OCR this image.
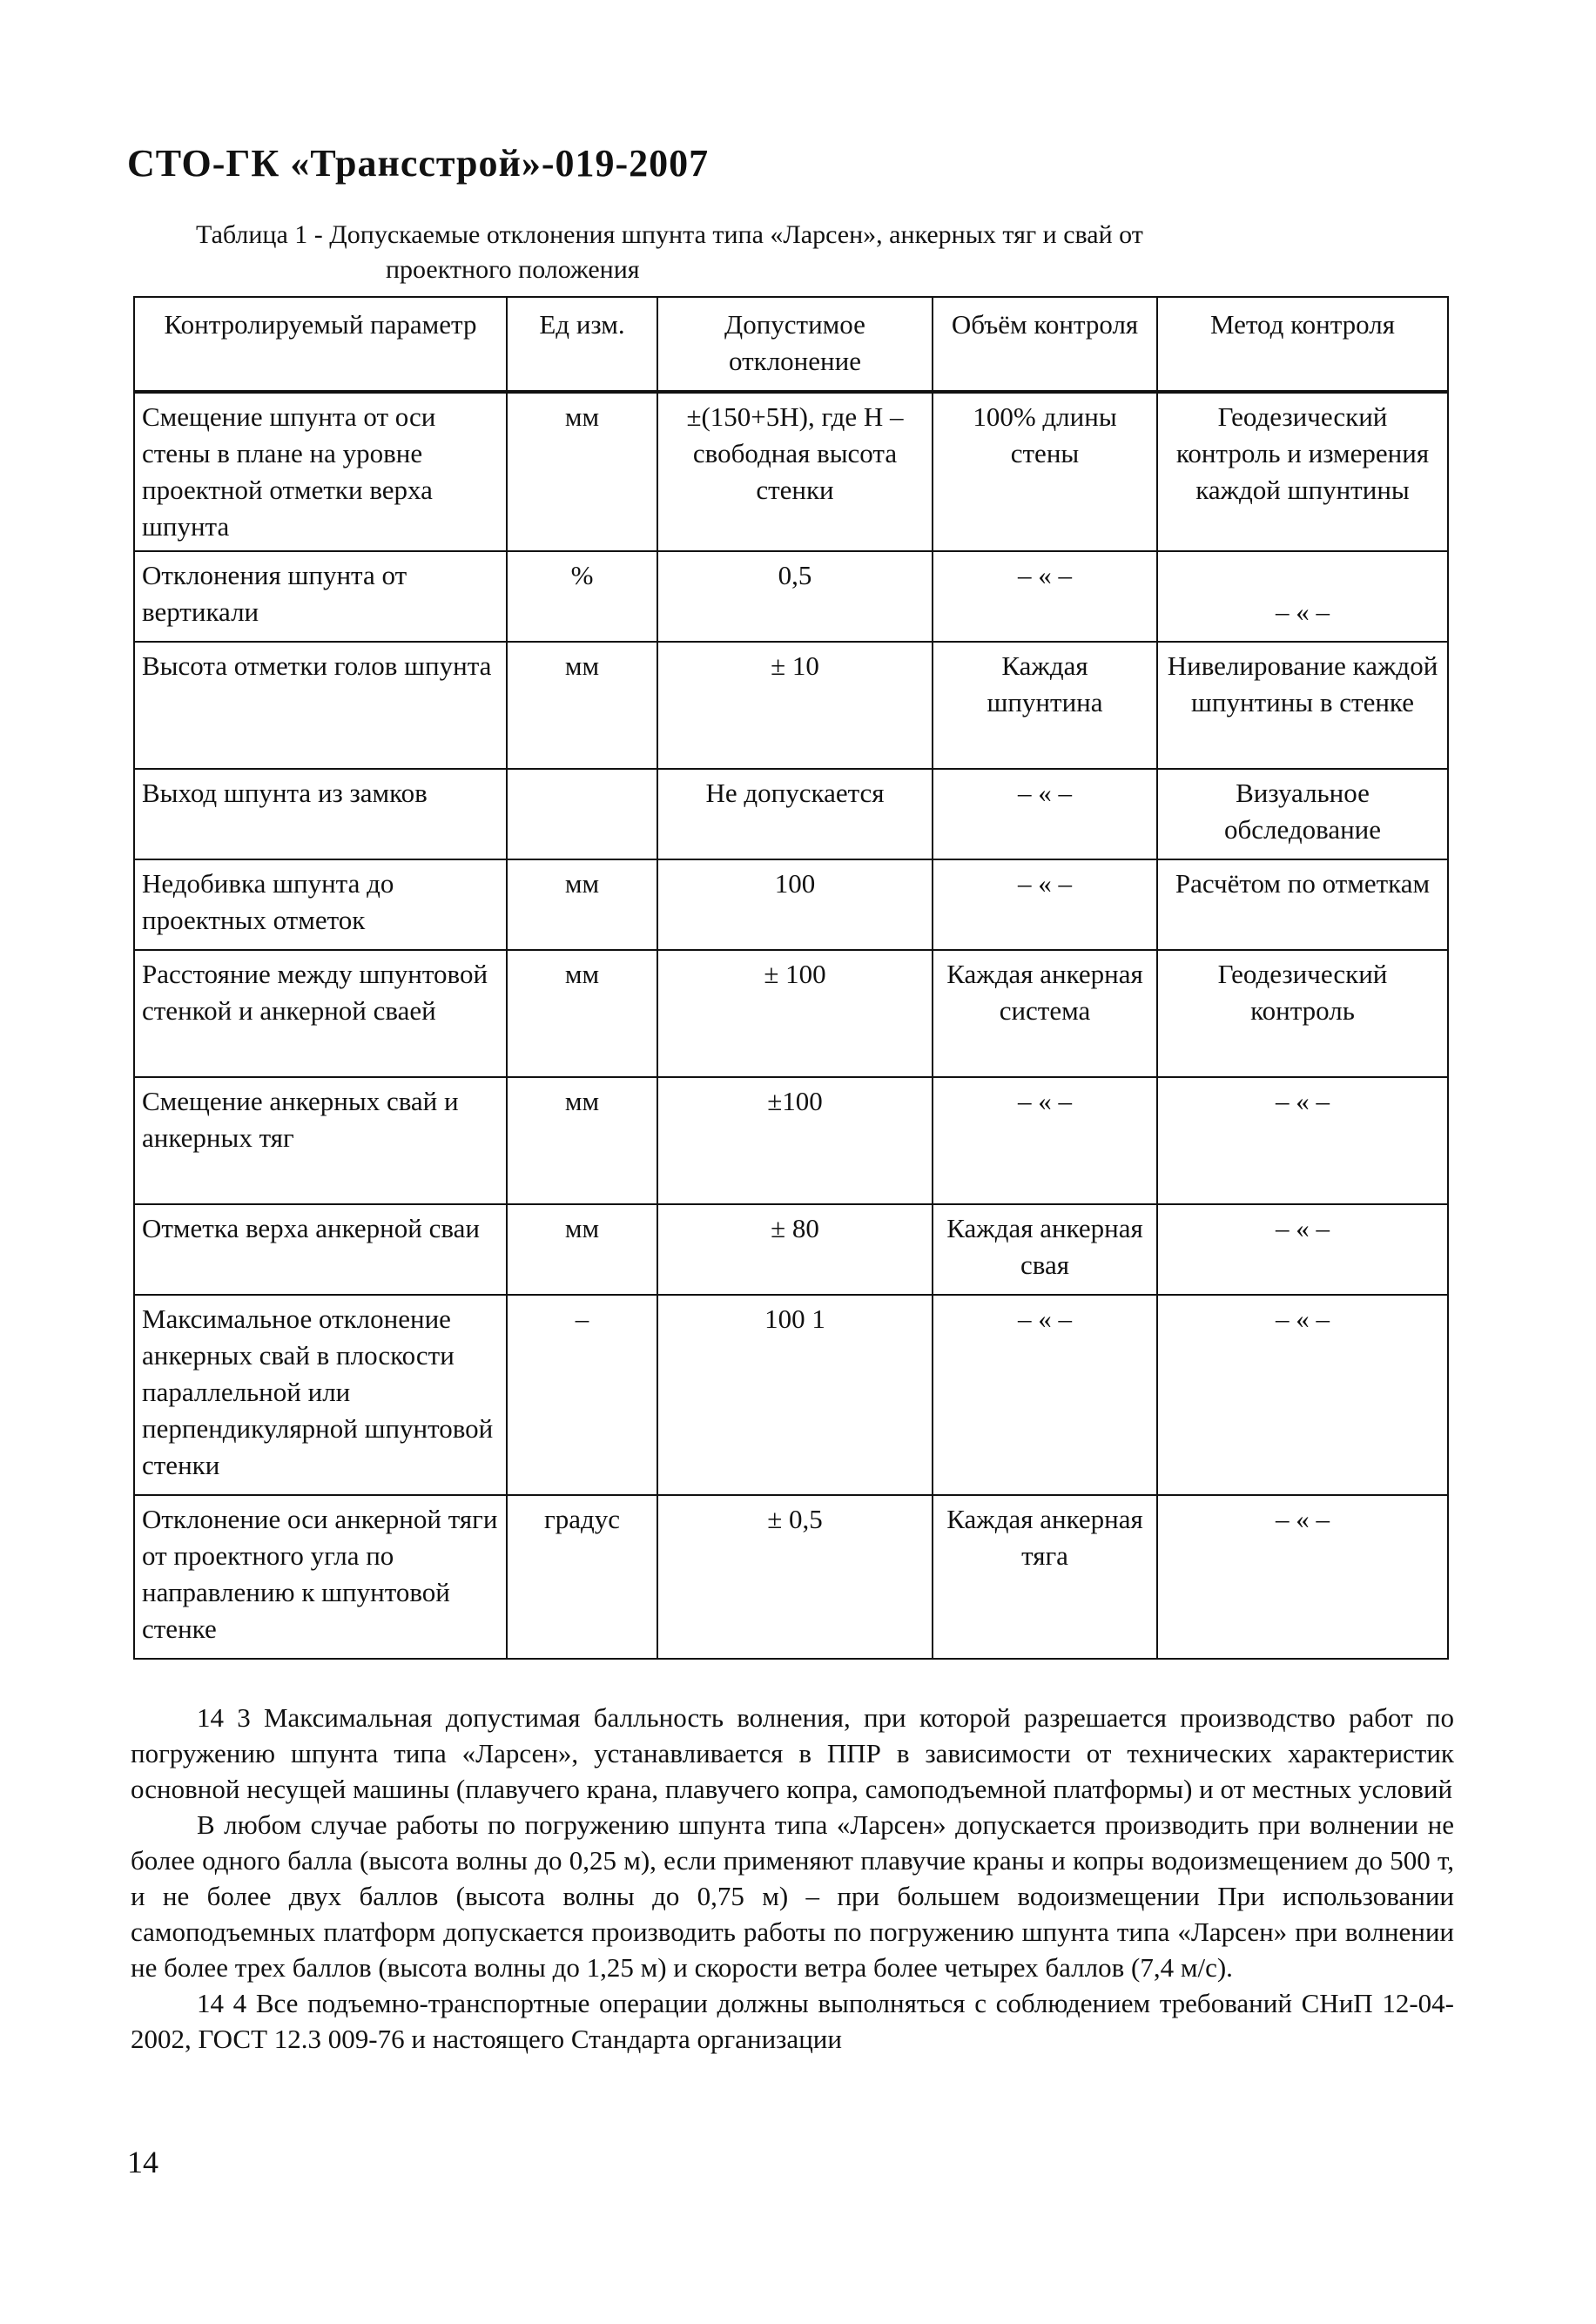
СТО-ГК «Трансстрой»-019-2007
Таблица 1 - Допускаемые отклонения шпунта типа «Ларсен», анкерных тяг и свай от
проектного положения
Контролируемый параметр	Ед изм.	Допустимое отклонение	Объём контроля	Метод контроля
Смещение шпунта от оси стены в плане на уровне проектной отметки верха шпунта	мм	±(150+5Н), где Н – свободная высота стенки	100% длины стены	Геодезический контроль и измерения каждой шпунтины
Отклонения шпунта от вертикали	%	0,5	– « –	– « –

Высота отметки голов шпунта	мм	± 10	Каждая шпунтина	Нивелирование каждой шпунтины в стенке
Выход шпунта из замков		Не допускается	– « –	Визуальное обследование
Недобивка шпунта до проектных отметок	мм	100	– « –	Расчётом по отметкам
Расстояние между шпунтовой стенкой и анкерной сваей	мм	± 100	Каждая анкерная система	Геодезический контроль
Смещение анкерных свай и анкерных тяг	мм	±100	– « –	– « –
Отметка верха анкерной сваи	мм	± 80	Каждая анкерная свая	– « –
Максимальное отклонение анкерных свай в плоскости параллельной или перпендикулярной шпунтовой стенки	–	100 1	– « –	– « –
Отклонение оси анкерной тяги от проектного угла по направлению к шпунтовой стенке	градус	± 0,5	Каждая анкерная тяга	– « –

14 3 Максимальная допустимая балльность волнения, при которой разрешается производство работ по погружению шпунта типа «Ларсен», устанавливается в ППР в зависимости от технических характеристик основной несущей машины (плавучего крана, плавучего копра, самоподъемной платформы) и от местных условий

В любом случае работы по погружению шпунта типа «Ларсен» допускается производить при волнении не более одного балла (высота волны до 0,25 м), если применяют плавучие краны и копры водоизмещением до 500 т, и не более двух баллов (высота волны до 0,75 м) – при большем водоизмещении При использовании самоподъемных платформ допускается производить работы по погружению шпунта типа «Ларсен» при волнении не более трех баллов (высота волны до 1,25 м) и скорости ветра более четырех баллов (7,4 м/с).

14 4 Все подъемно-транспортные операции должны выполняться с соблюдением требований СНиП 12-04-2002, ГОСТ 12.3 009-76 и настоящего Стандарта организации

14
